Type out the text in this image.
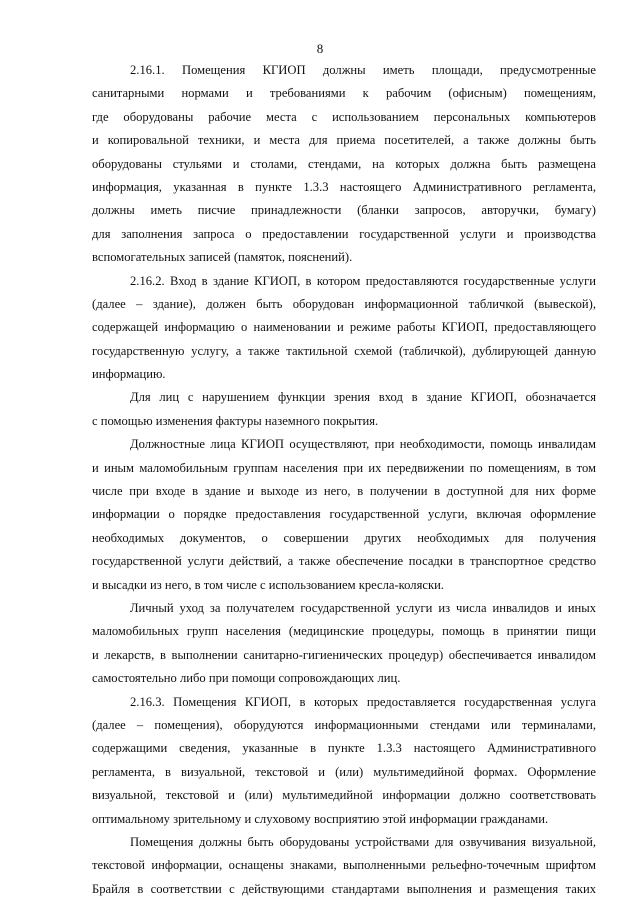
8
2.16.1. Помещения КГИОП должны иметь площади, предусмотренные
санитарными нормами и требованиями к рабочим (офисным) помещениям,
где оборудованы рабочие места с использованием персональных компьютеров
и копировальной техники, и места для приема посетителей, а также должны быть
оборудованы стульями и столами, стендами, на которых должна быть размещена
информация, указанная в пункте 1.3.3 настоящего Административного регламента,
должны иметь писчие принадлежности (бланки запросов, авторучки, бумагу)
для заполнения запроса о предоставлении государственной услуги и производства
вспомогательных записей (памяток, пояснений).
2.16.2. Вход в здание КГИОП, в котором предоставляются государственные услуги
(далее – здание), должен быть оборудован информационной табличкой (вывеской),
содержащей информацию о наименовании и режиме работы КГИОП, предоставляющего
государственную услугу, а также тактильной схемой (табличкой), дублирующей данную
информацию.
Для лиц с нарушением функции зрения вход в здание КГИОП, обозначается
с помощью изменения фактуры наземного покрытия.
Должностные лица КГИОП осуществляют, при необходимости, помощь инвалидам
и иным маломобильным группам населения при их передвижении по помещениям, в том
числе при входе в здание и выходе из него, в получении в доступной для них форме
информации о порядке предоставления государственной услуги, включая оформление
необходимых документов, о совершении других необходимых для получения
государственной услуги действий, а также обеспечение посадки в транспортное средство
и высадки из него, в том числе с использованием кресла-коляски.
Личный уход за получателем государственной услуги из числа инвалидов и иных
маломобильных групп населения (медицинские процедуры, помощь в принятии пищи
и лекарств, в выполнении санитарно-гигиенических процедур) обеспечивается инвалидом
самостоятельно либо при помощи сопровождающих лиц.
2.16.3. Помещения КГИОП, в которых предоставляется государственная услуга
(далее – помещения), оборудуются информационными стендами или терминалами,
содержащими сведения, указанные в пункте 1.3.3 настоящего Административного
регламента, в визуальной, текстовой и (или) мультимедийной формах. Оформление
визуальной, текстовой и (или) мультимедийной информации должно соответствовать
оптимальному зрительному и слуховому восприятию этой информации гражданами.
Помещения должны быть оборудованы устройствами для озвучивания визуальной,
текстовой информации, оснащены знаками, выполненными рельефно-точечным шрифтом
Брайля в соответствии с действующими стандартами выполнения и размещения таких
